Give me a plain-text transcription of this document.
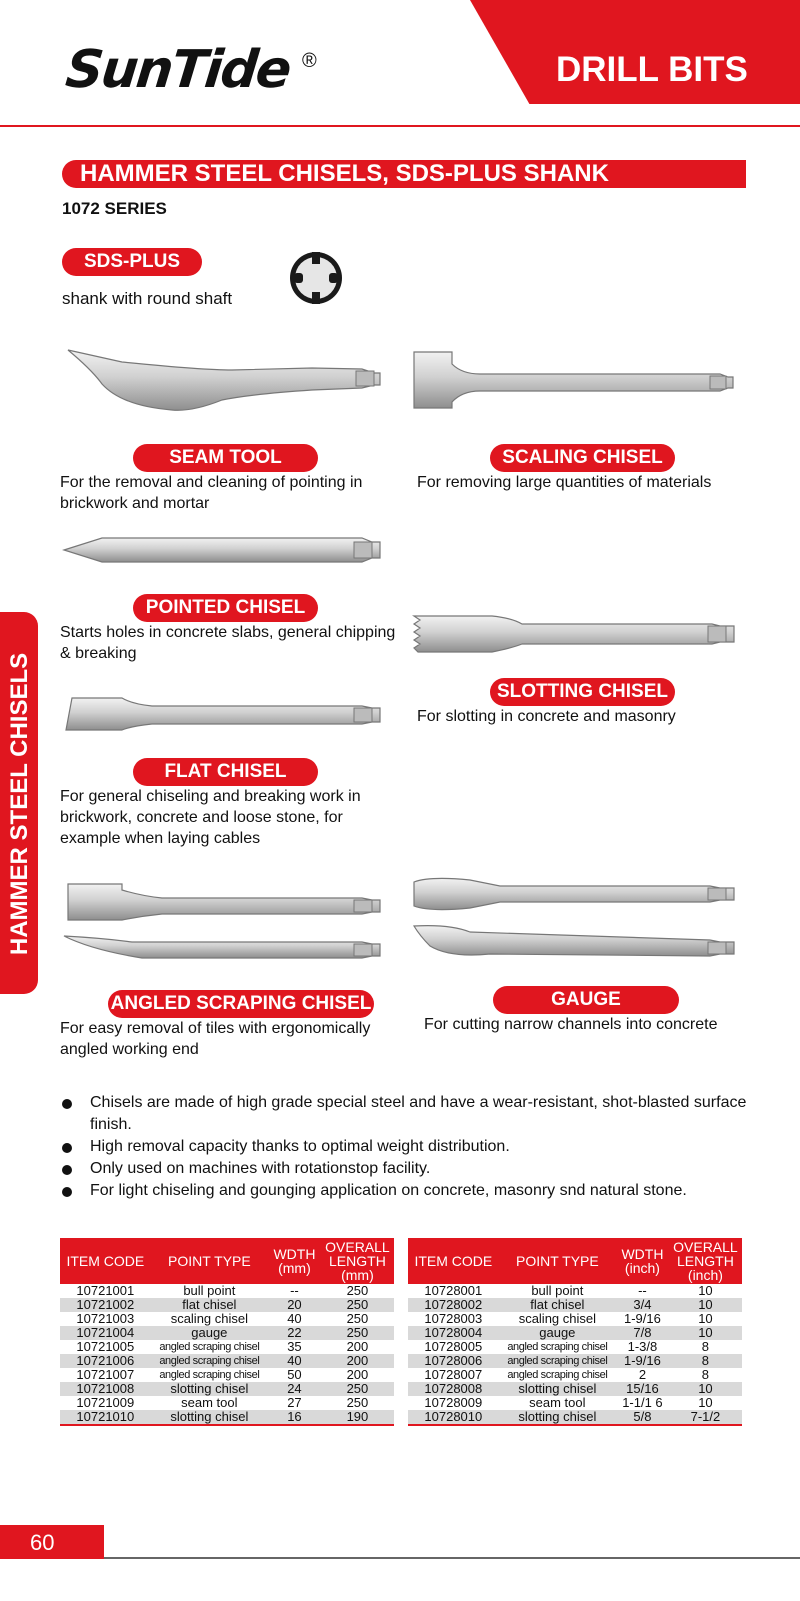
SunTide ®	DRILL BITS
HAMMER STEEL CHISELS, SDS-PLUS SHANK
1072 SERIES
SDS-PLUS
shank with round shaft
SEAM TOOL
For the removal and cleaning of pointing in brickwork and mortar
SCALING CHISEL
For removing large quantities of materials
POINTED CHISEL
Starts holes in concrete slabs, general chipping & breaking
SLOTTING CHISEL
For slotting in concrete and masonry
FLAT CHISEL
For general chiseling and breaking work in brickwork, concrete and loose stone, for example when laying cables
ANGLED SCRAPING CHISEL
For easy removal of tiles with ergonomically angled working end
GAUGE
For cutting narrow channels into concrete
HAMMER STEEL CHISELS
Chisels are made of high grade special steel and have a wear-resistant, shot-blasted surface finish.
High removal capacity thanks to optimal weight distribution.
Only used on machines with rotationstop facility.
For light chiseling and gounging application on concrete, masonry snd natural stone.
ITEM CODE	POINT TYPE	WDTH (mm)	OVERALL LENGTH (mm)
10721001	bull point	--	250
10721002	flat chisel	20	250
10721003	scaling chisel	40	250
10721004	gauge	22	250
10721005	angled scraping chisel	35	200
10721006	angled scraping chisel	40	200
10721007	angled scraping chisel	50	200
10721008	slotting chisel	24	250
10721009	seam tool	27	250
10721010	slotting chisel	16	190
ITEM CODE	POINT TYPE	WDTH (inch)	OVERALL LENGTH (inch)
10728001	bull point	--	10
10728002	flat chisel	3/4	10
10728003	scaling chisel	1-9/16	10
10728004	gauge	7/8	10
10728005	angled scraping chisel	1-3/8	8
10728006	angled scraping chisel	1-9/16	8
10728007	angled scraping chisel	2	8
10728008	slotting chisel	15/16	10
10728009	seam tool	1-1/1 6	10
10728010	slotting chisel	5/8	7-1/2
60
